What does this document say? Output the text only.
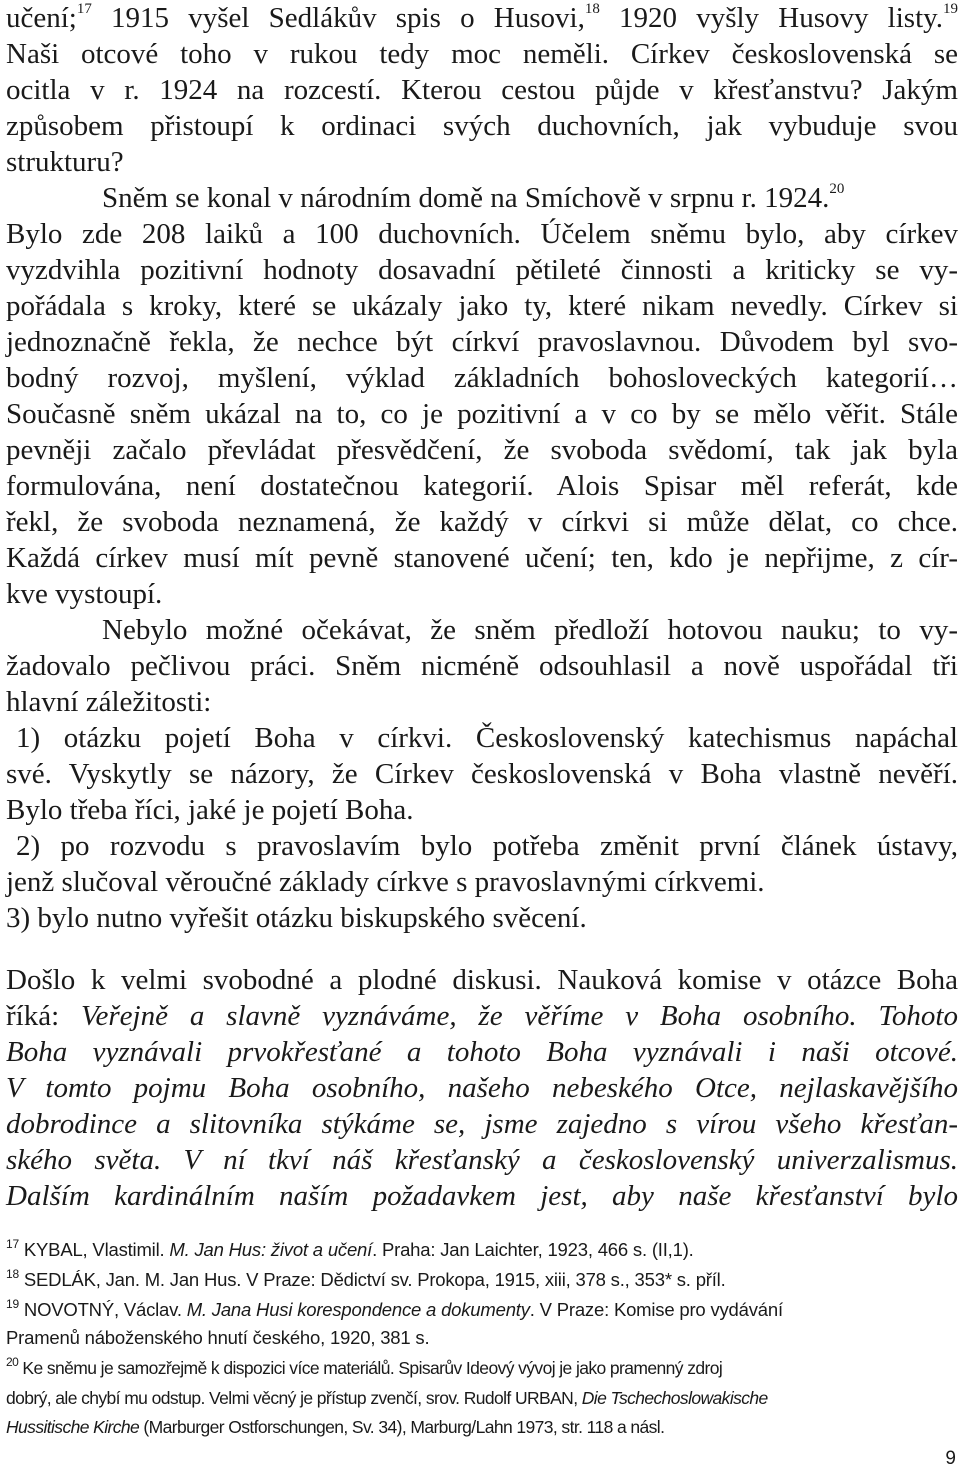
učení;$^{17}$ 1915 vyšel Sedlákův spis o Husovi,$^{18}$ 1920 vyšly Husovy listy.$^{19}$
Naši otcové toho v rukou tedy moc neměli. Církev československá se
ocitla v r. 1924 na rozcestí. Kterou cestou půjde v křesťanstvu? Jakým
způsobem přistoupí k ordinaci svých duchovních, jak vybuduje svou
strukturu?
Sněm se konal v národním domě na Smíchově v srpnu r. 1924.20
Bylo zde 208 laiků a 100 duchovních. Účelem sněmu bylo, aby církev
vyzdvihla pozitivní hodnoty dosavadní pětileté činnosti a kriticky se vy-
pořádala s kroky, které se ukázaly jako ty, které nikam nevedly. Církev si
jednoznačně řekla, že nechce být církví pravoslavnou. Důvodem byl svo-
bodný rozvoj, myšlení, výklad základních bohosloveckých kategorií…
Současně sněm ukázal na to, co je pozitivní a v co by se mělo věřit. Stále
pevněji začalo převládat přesvědčení, že svoboda svědomí, tak jak byla
formulována, není dostatečnou kategorií. Alois Spisar měl referát, kde
řekl, že svoboda neznamená, že každý v církvi si může dělat, co chce.
Každá církev musí mít pevně stanovené učení; ten, kdo je nepřijme, z cír-
kve vystoupí.
Nebylo možné očekávat, že sněm předloží hotovou nauku; to vy-
žadovalo pečlivou práci. Sněm nicméně odsouhlasil a nově uspořádal tři
hlavní záležitosti:
1) otázku pojetí Boha v církvi. Československý katechismus napáchal
své. Vyskytly se názory, že Církev československá v Boha vlastně nevěří.
Bylo třeba říci, jaké je pojetí Boha.
2) po rozvodu s pravoslavím bylo potřeba změnit první článek ústavy,
jenž slučoval věroučné základy církve s pravoslavnými církvemi.
3) bylo nutno vyřešit otázku biskupského svěcení.
Došlo k velmi svobodné a plodné diskusi. Nauková komise v otázce Boha
říká: Veřejně a slavně vyznáváme, že věříme v Boha osobního. Tohoto
Boha vyznávali prvokřesťané a tohoto Boha vyznávali i naši otcové.
V tomto pojmu Boha osobního, našeho nebeského Otce, nejlaskavějšího
dobrodince a slitovníka stýkáme se, jsme zajedno s vírou všeho křesťan-
ského světa. V ní tkví náš křesťanský a československý univerzalismus.
Dalším kardinálním naším požadavkem jest, aby naše křesťanství bylo
$^{17}$ KYBAL, Vlastimil. M. Jan Hus: život a učení. Praha: Jan Laichter, 1923, 466 s. (II,1).
$^{18}$ SEDLÁK, Jan. M. Jan Hus. V Praze: Dědictví sv. Prokopa, 1915, xiii, 378 s., 353* s. příl.
$^{19}$ NOVOTNÝ, Václav. M. Jana Husi korespondence a dokumenty. V Praze: Komise pro vydávání
Pramenů náboženského hnutí českého, 1920, 381 s.
$^{20}$ Ke sněmu je samozřejmě k dispozici více materiálů. Spisarův Ideový vývoj je jako pramenný zdroj
dobrý, ale chybí mu odstup. Velmi věcný je přístup zvenčí, srov. Rudolf URBAN, Die Tschechoslowakische
Hussitische Kirche (Marburger Ostforschungen, Sv. 34), Marburg/Lahn 1973, str. 118 a násl.
9
